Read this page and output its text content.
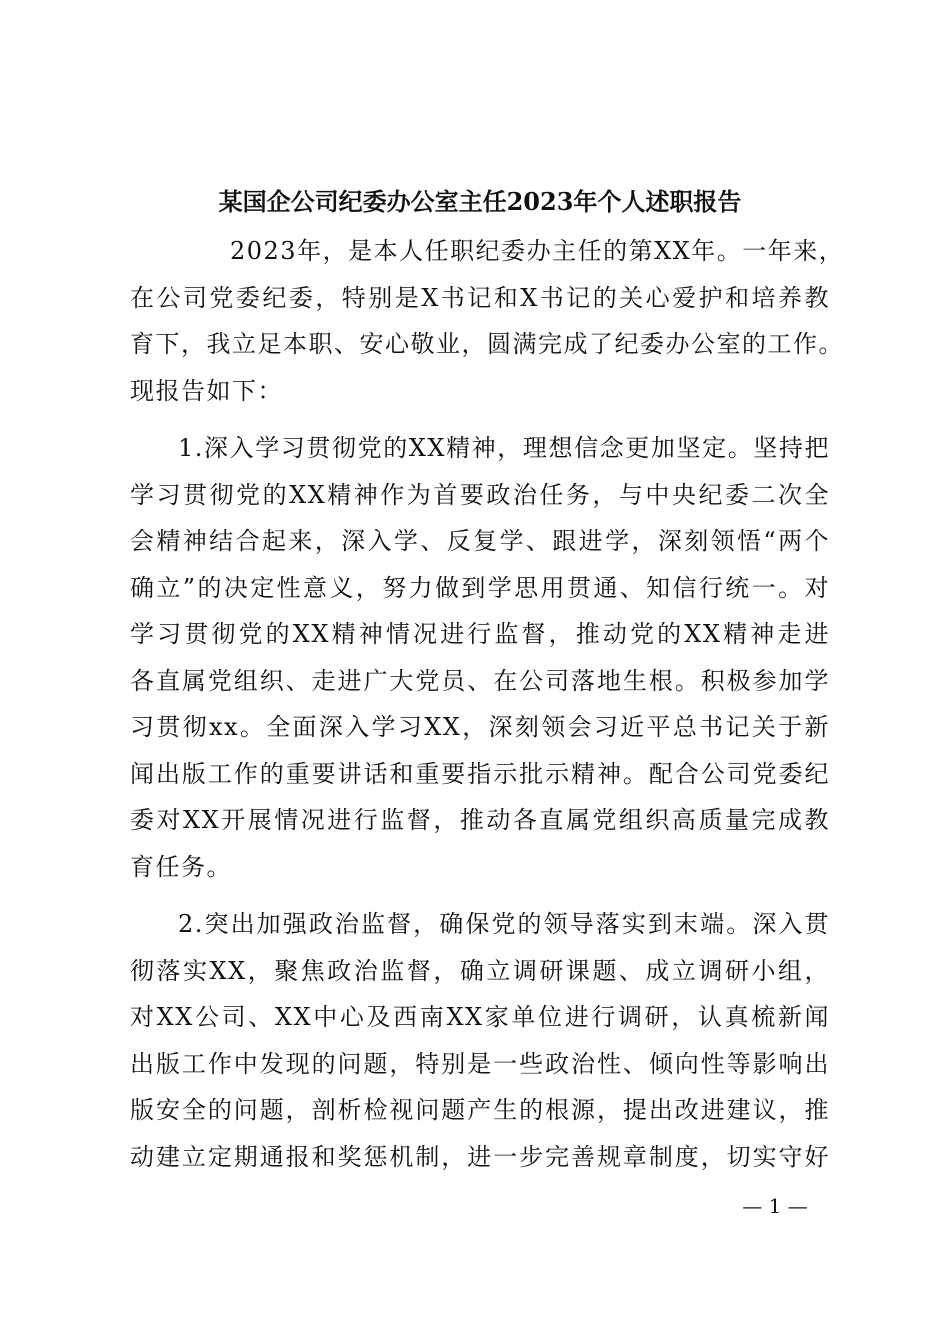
某国企公司纪委办公室主任2023年个人述职报告

2023年，是本人任职纪委办主任的第XX年。一年来，
在公司党委纪委，特别是X书记和X书记的关心爱护和培养教
育下，我立足本职、安心敬业，圆满完成了纪委办公室的工作。
现报告如下：

1.深入学习贯彻党的XX精神，理想信念更加坚定。坚持把
学习贯彻党的XX精神作为首要政治任务，与中央纪委二次全
会精神结合起来，深入学、反复学、跟进学，深刻领悟“两个
确立”的决定性意义，努力做到学思用贯通、知信行统一。对
学习贯彻党的XX精神情况进行监督，推动党的XX精神走进
各直属党组织、走进广大党员、在公司落地生根。积极参加学
习贯彻xx。全面深入学习XX，深刻领会习近平总书记关于新
闻出版工作的重要讲话和重要指示批示精神。配合公司党委纪
委对XX开展情况进行监督，推动各直属党组织高质量完成教
育任务。

2.突出加强政治监督，确保党的领导落实到末端。深入贯
彻落实XX，聚焦政治监督，确立调研课题、成立调研小组，
对XX公司、XX中心及西南XX家单位进行调研，认真梳新闻
出版工作中发现的问题，特别是一些政治性、倾向性等影响出
版安全的问题，剖析检视问题产生的根源，提出改进建议，推
动建立定期通报和奖惩机制，进一步完善规章制度，切实守好

— 1 —
